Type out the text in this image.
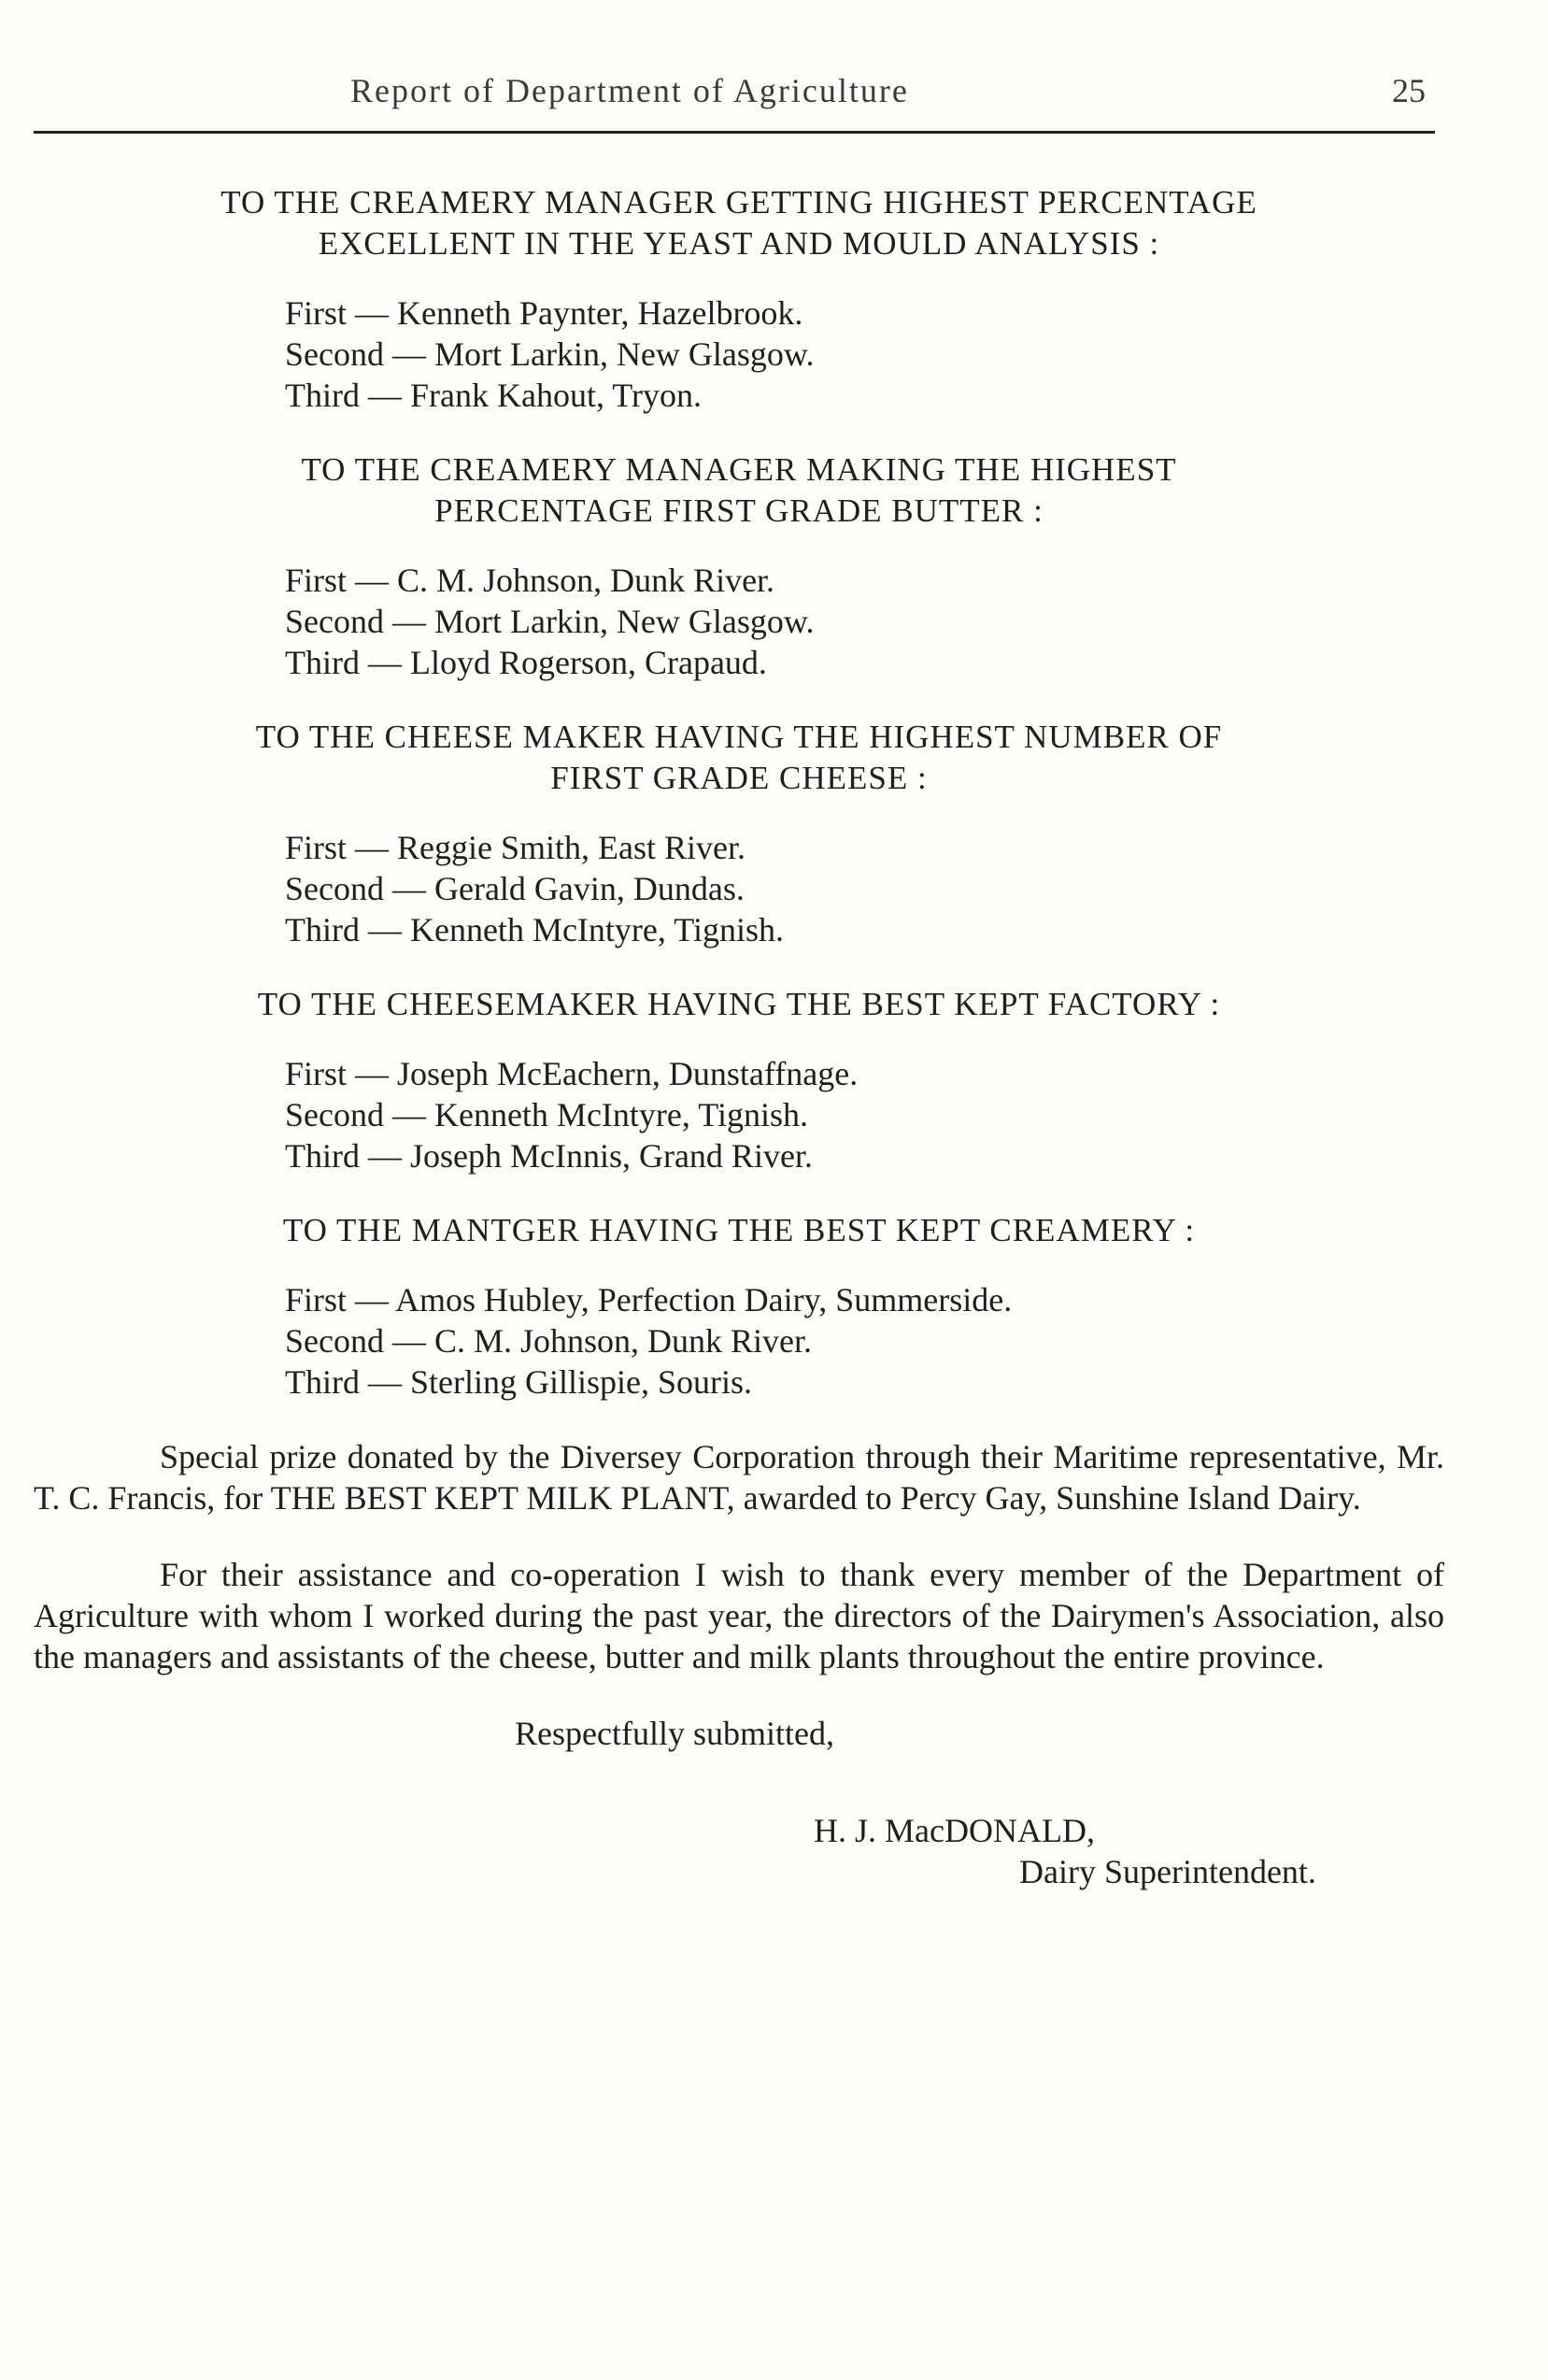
Report of Department of Agriculture	25

TO THE CREAMERY MANAGER GETTING HIGHEST PERCENTAGE
EXCELLENT IN THE YEAST AND MOULD ANALYSIS :

First — Kenneth Paynter, Hazelbrook.
Second — Mort Larkin, New Glasgow.
Third — Frank Kahout, Tryon.

TO THE CREAMERY MANAGER MAKING THE HIGHEST
PERCENTAGE FIRST GRADE BUTTER :

First — C. M. Johnson, Dunk River.
Second — Mort Larkin, New Glasgow.
Third — Lloyd Rogerson, Crapaud.

TO THE CHEESE MAKER HAVING THE HIGHEST NUMBER OF
FIRST GRADE CHEESE :

First — Reggie Smith, East River.
Second — Gerald Gavin, Dundas.
Third — Kenneth McIntyre, Tignish.

TO THE CHEESEMAKER HAVING THE BEST KEPT FACTORY :

First — Joseph McEachern, Dunstaffnage.
Second — Kenneth McIntyre, Tignish.
Third — Joseph McInnis, Grand River.

TO THE MANTGER HAVING THE BEST KEPT CREAMERY :

First — Amos Hubley, Perfection Dairy, Summerside.
Second — C. M. Johnson, Dunk River.
Third — Sterling Gillispie, Souris.

Special prize donated by the Diversey Corporation through their Maritime representative, Mr. T. C. Francis, for THE BEST KEPT MILK PLANT, awarded to Percy Gay, Sunshine Island Dairy.

For their assistance and co-operation I wish to thank every member of the Department of Agriculture with whom I worked during the past year, the directors of the Dairymen's Association, also the managers and assistants of the cheese, butter and milk plants throughout the entire province.

Respectfully submitted,
H. J. MacDONALD,
Dairy Superintendent.
